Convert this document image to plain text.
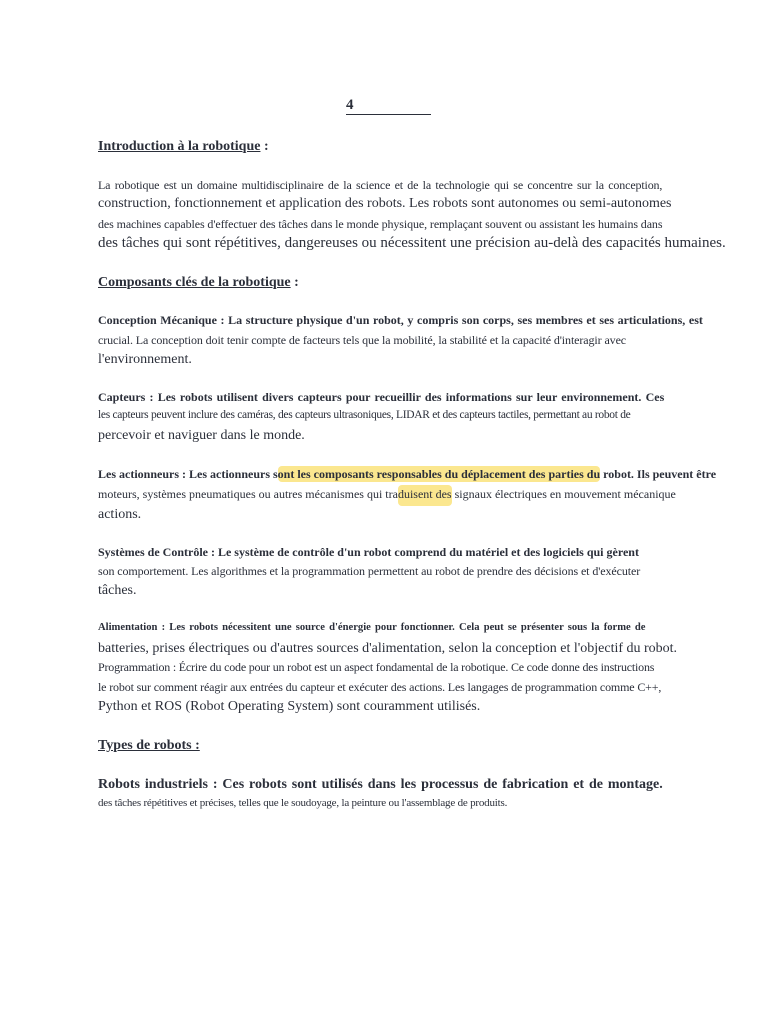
4
Introduction à la robotique :
La robotique est un domaine multidisciplinaire de la science et de la technologie qui se concentre sur la conception,
construction, fonctionnement et application des robots. Les robots sont autonomes ou semi-autonomes
des machines capables d'effectuer des tâches dans le monde physique, remplaçant souvent ou assistant les humains dans
des tâches qui sont répétitives, dangereuses ou nécessitent une précision au-delà des capacités humaines.
Composants clés de la robotique :
Conception Mécanique : La structure physique d'un robot, y compris son corps, ses membres et ses articulations, est
crucial. La conception doit tenir compte de facteurs tels que la mobilité, la stabilité et la capacité d'interagir avec
l'environnement.
Capteurs : Les robots utilisent divers capteurs pour recueillir des informations sur leur environnement. Ces
les capteurs peuvent inclure des caméras, des capteurs ultrasoniques, LIDAR et des capteurs tactiles, permettant au robot de
percevoir et naviguer dans le monde.
Les actionneurs : Les actionneurs sont les composants responsables du déplacement des parties du robot. Ils peuvent être
moteurs, systèmes pneumatiques ou autres mécanismes qui traduisent des signaux électriques en mouvement mécanique
actions.
Systèmes de Contrôle : Le système de contrôle d'un robot comprend du matériel et des logiciels qui gèrent
son comportement. Les algorithmes et la programmation permettent au robot de prendre des décisions et d'exécuter
tâches.
Alimentation : Les robots nécessitent une source d'énergie pour fonctionner. Cela peut se présenter sous la forme de
batteries, prises électriques ou d'autres sources d'alimentation, selon la conception et l'objectif du robot.
Programmation : Écrire du code pour un robot est un aspect fondamental de la robotique. Ce code donne des instructions
le robot sur comment réagir aux entrées du capteur et exécuter des actions. Les langages de programmation comme C++,
Python et ROS (Robot Operating System) sont couramment utilisés.
Types de robots :
Robots industriels : Ces robots sont utilisés dans les processus de fabrication et de montage.
des tâches répétitives et précises, telles que le soudoyage, la peinture ou l'assemblage de produits.
